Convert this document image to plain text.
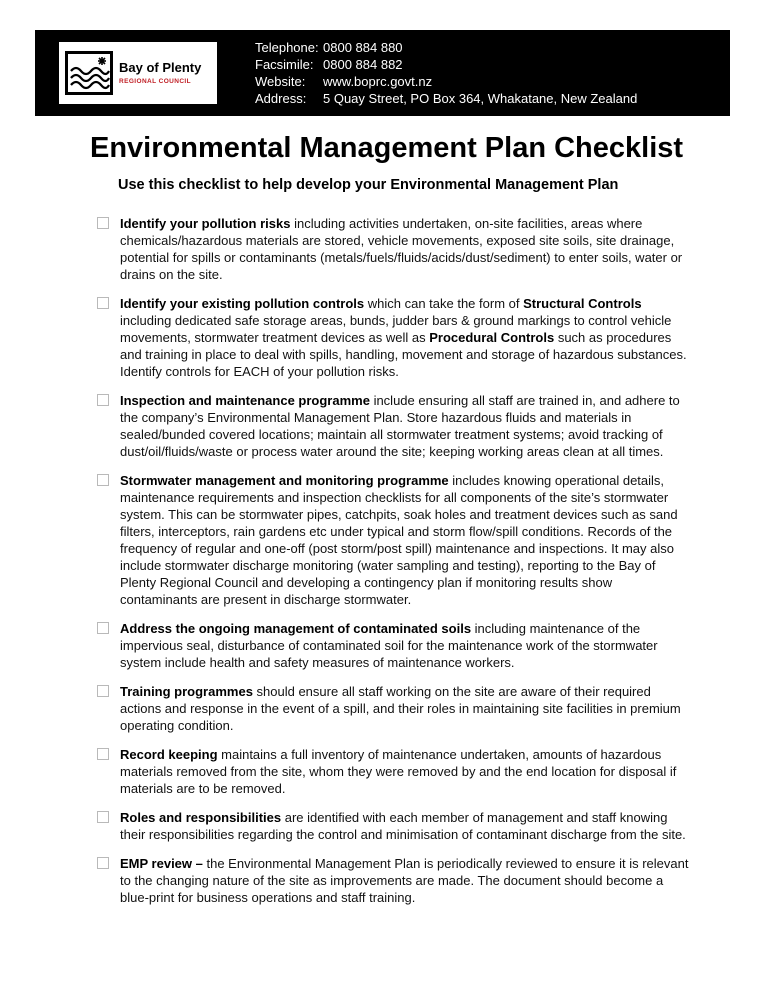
Bay of Plenty
REGIONAL COUNCIL
Telephone: 0800 884 880
Facsimile: 0800 884 882
Website:	www.boprc.govt.nz
Address:	5 Quay Street, PO Box 364, Whakatane, New Zealand
Environmental Management Plan Checklist

Use this checklist to help develop your Environmental Management Plan

Identify your pollution risks including activities undertaken, on-site facilities, areas where chemicals/hazardous materials are stored, vehicle movements, exposed site soils, site drainage, potential for spills or contaminants (metals/fuels/fluids/acids/dust/sediment) to enter soils, water or drains on the site.

Identify your existing pollution controls which can take the form of Structural Controls including dedicated safe storage areas, bunds, judder bars & ground markings to control vehicle movements, stormwater treatment devices as well as Procedural Controls such as procedures and training in place to deal with spills, handling, movement and storage of hazardous substances. Identify controls for EACH of your pollution risks.

Inspection and maintenance programme include ensuring all staff are trained in, and adhere to the company’s Environmental Management Plan. Store hazardous fluids and materials in sealed/bunded covered locations; maintain all stormwater treatment systems; avoid tracking of dust/oil/fluids/waste or process water around the site; keeping working areas clean at all times.

Stormwater management and monitoring programme includes knowing operational details, maintenance requirements and inspection checklists for all components of the site’s stormwater system. This can be stormwater pipes, catchpits, soak holes and treatment devices such as sand filters, interceptors, rain gardens etc under typical and storm flow/spill conditions. Records of the frequency of regular and one-off (post storm/post spill) maintenance and inspections. It may also include stormwater discharge monitoring (water sampling and testing), reporting to the Bay of Plenty Regional Council and developing a contingency plan if monitoring results show contaminants are present in discharge stormwater.

Address the ongoing management of contaminated soils including maintenance of the impervious seal, disturbance of contaminated soil for the maintenance work of the stormwater system include health and safety measures of maintenance workers.

Training programmes should ensure all staff working on the site are aware of their required actions and response in the event of a spill, and their roles in maintaining site facilities in premium operating condition.

Record keeping maintains a full inventory of maintenance undertaken, amounts of hazardous materials removed from the site, whom they were removed by and the end location for disposal if materials are to be removed.

Roles and responsibilities are identified with each member of management and staff knowing their responsibilities regarding the control and minimisation of contaminant discharge from the site.

EMP review – the Environmental Management Plan is periodically reviewed to ensure it is relevant to the changing nature of the site as improvements are made. The document should become a blue-print for business operations and staff training.
